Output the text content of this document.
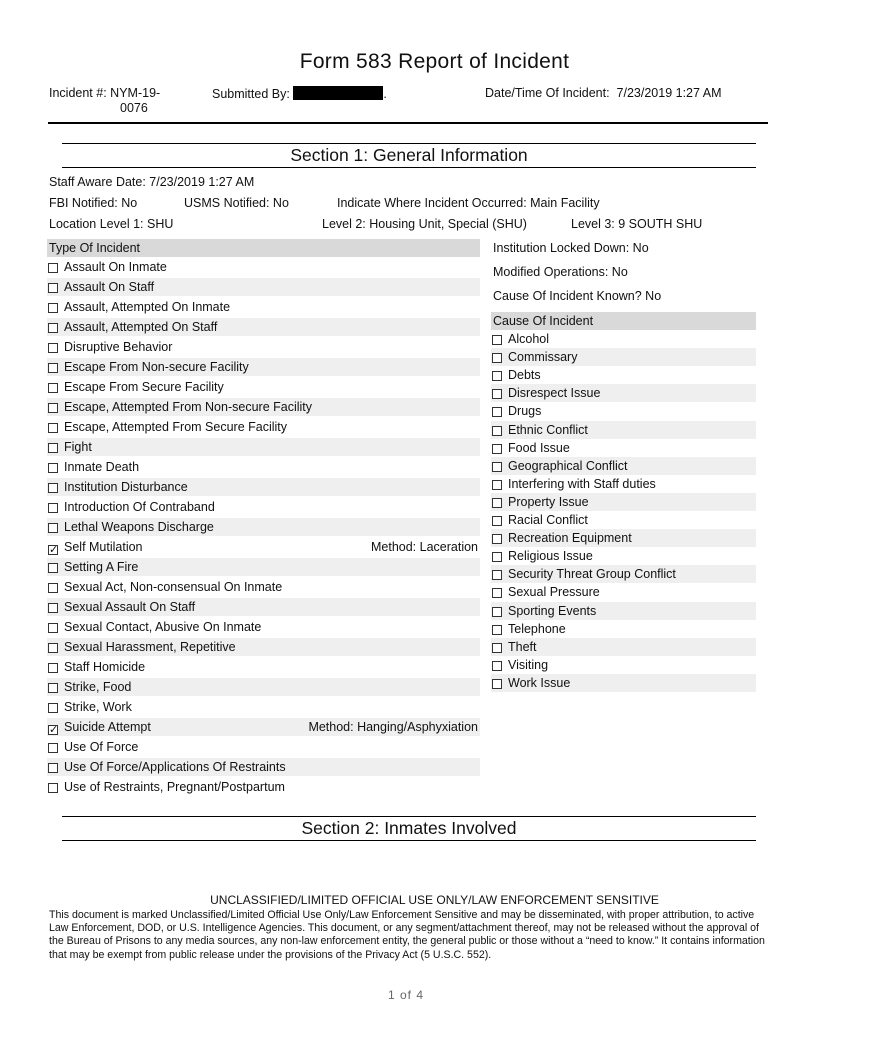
Form 583 Report of Incident
Incident #: NYM-19-
0076
Submitted By:	.	Date/Time Of Incident: 7/23/2019 1:27 AM
Section 1: General Information
Staff Aware Date: 7/23/2019 1:27 AM
FBI Notified: No	USMS Notified: No	Indicate Where Incident Occurred: Main Facility
Location Level 1: SHU	Level 2: Housing Unit, Special (SHU)	Level 3: 9 SOUTH SHU
Type Of Incident
Assault On Inmate
Assault On Staff
Assault, Attempted On Inmate
Assault, Attempted On Staff
Disruptive Behavior
Escape From Non-secure Facility
Escape From Secure Facility
Escape, Attempted From Non-secure Facility
Escape, Attempted From Secure Facility
Fight
Inmate Death
Institution Disturbance
Introduction Of Contraband
Lethal Weapons Discharge
✓ Self Mutilation	Method: Laceration
Setting A Fire
Sexual Act, Non-consensual On Inmate
Sexual Assault On Staff
Sexual Contact, Abusive On Inmate
Sexual Harassment, Repetitive
Staff Homicide
Strike, Food
Strike, Work
✓ Suicide Attempt	Method: Hanging/Asphyxiation
Use Of Force
Use Of Force/Applications Of Restraints
Use of Restraints, Pregnant/Postpartum
Institution Locked Down: No
Modified Operations: No
Cause Of Incident Known? No
Cause Of Incident
Alcohol
Commissary
Debts
Disrespect Issue
Drugs
Ethnic Conflict
Food Issue
Geographical Conflict
Interfering with Staff duties
Property Issue
Racial Conflict
Recreation Equipment
Religious Issue
Security Threat Group Conflict
Sexual Pressure
Sporting Events
Telephone
Theft
Visiting
Work Issue
Section 2: Inmates Involved
UNCLASSIFIED/LIMITED OFFICIAL USE ONLY/LAW ENFORCEMENT SENSITIVE
This document is marked Unclassified/Limited Official Use Only/Law Enforcement Sensitive and may be disseminated, with proper attribution, to active Law Enforcement, DOD, or U.S. Intelligence Agencies. This document, or any segment/attachment thereof, may not be released without the approval of the Bureau of Prisons to any media sources, any non-law enforcement entity, the general public or those without a “need to know.” It contains information that may be exempt from public release under the provisions of the Privacy Act (5 U.S.C. 552).
1 of 4
